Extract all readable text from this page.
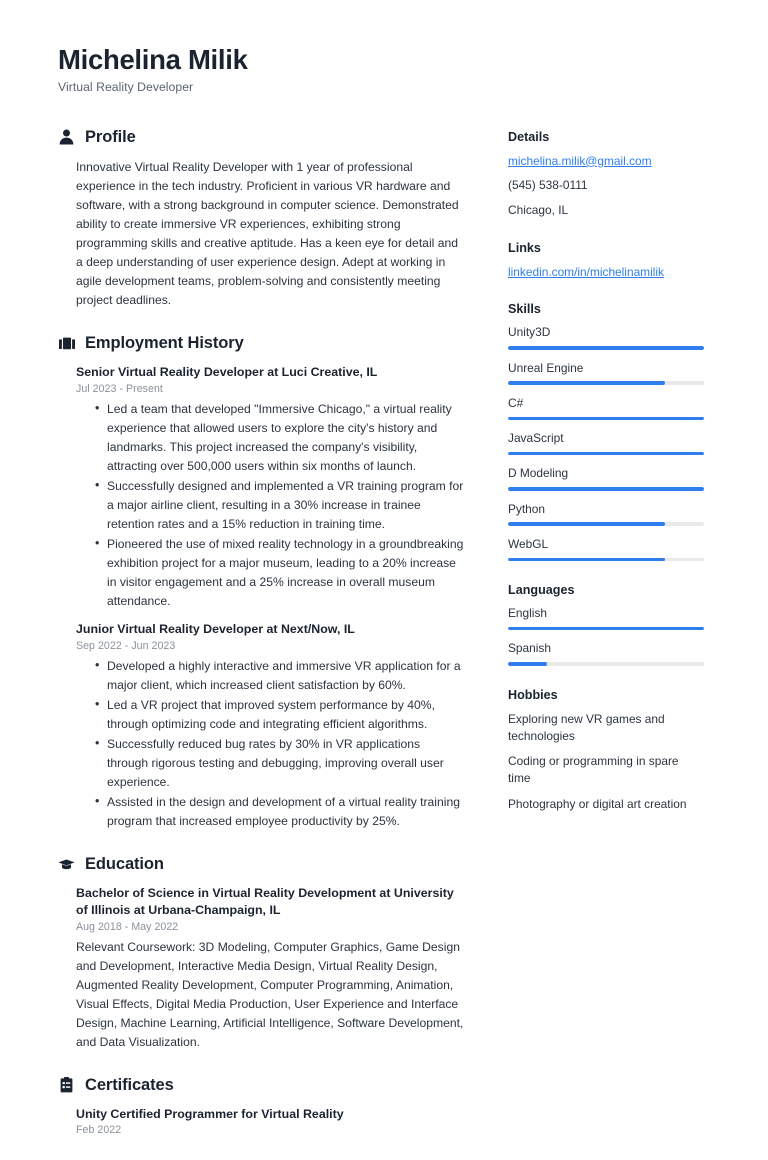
Michelina Milik
Virtual Reality Developer
Profile
Innovative Virtual Reality Developer with 1 year of professional experience in the tech industry. Proficient in various VR hardware and software, with a strong background in computer science. Demonstrated ability to create immersive VR experiences, exhibiting strong programming skills and creative aptitude. Has a keen eye for detail and a deep understanding of user experience design. Adept at working in agile development teams, problem-solving and consistently meeting project deadlines.
Employment History
Senior Virtual Reality Developer at Luci Creative, IL
Jul 2023 - Present
• Led a team that developed "Immersive Chicago," a virtual reality experience that allowed users to explore the city's history and landmarks. This project increased the company's visibility, attracting over 500,000 users within six months of launch.
• Successfully designed and implemented a VR training program for a major airline client, resulting in a 30% increase in trainee retention rates and a 15% reduction in training time.
• Pioneered the use of mixed reality technology in a groundbreaking exhibition project for a major museum, leading to a 20% increase in visitor engagement and a 25% increase in overall museum attendance.
Junior Virtual Reality Developer at Next/Now, IL
Sep 2022 - Jun 2023
• Developed a highly interactive and immersive VR application for a major client, which increased client satisfaction by 60%.
• Led a VR project that improved system performance by 40%, through optimizing code and integrating efficient algorithms.
• Successfully reduced bug rates by 30% in VR applications through rigorous testing and debugging, improving overall user experience.
• Assisted in the design and development of a virtual reality training program that increased employee productivity by 25%.
Education
Bachelor of Science in Virtual Reality Development at University of Illinois at Urbana-Champaign, IL
Aug 2018 - May 2022
Relevant Coursework: 3D Modeling, Computer Graphics, Game Design and Development, Interactive Media Design, Virtual Reality Design, Augmented Reality Development, Computer Programming, Animation, Visual Effects, Digital Media Production, User Experience and Interface Design, Machine Learning, Artificial Intelligence, Software Development, and Data Visualization.
Certificates
Unity Certified Programmer for Virtual Reality
Feb 2022
Details
michelina.milik@gmail.com
(545) 538-0111
Chicago, IL
Links
linkedin.com/in/michelinamilik
Skills
Unity3D
Unreal Engine
C#
JavaScript
D Modeling
Python
WebGL
Languages
English
Spanish
Hobbies
Exploring new VR games and technologies
Coding or programming in spare time
Photography or digital art creation
